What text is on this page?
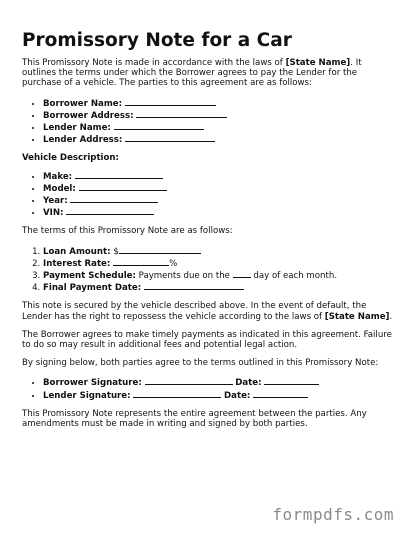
Promissory Note for a Car

This Promissory Note is made in accordance with the laws of [State Name]. It outlines the terms under which the Borrower agrees to pay the Lender for the purchase of a vehicle. The parties to this agreement are as follows:

• Borrower Name:
• Borrower Address:
• Lender Name:
• Lender Address:
Vehicle Description:
• Make:
• Model:
• Year:
• VIN:

The terms of this Promissory Note are as follows:

1. Loan Amount: $
2. Interest Rate:	%
3. Payment Schedule: Payments due on the	day of each month.
4. Final Payment Date:

This note is secured by the vehicle described above. In the event of default, the Lender has the right to repossess the vehicle according to the laws of [State Name].

The Borrower agrees to make timely payments as indicated in this agreement. Failure to do so may result in additional fees and potential legal action.

By signing below, both parties agree to the terms outlined in this Promissory Note:

• Borrower Signature:	Date:
• Lender Signature:	Date:

This Promissory Note represents the entire agreement between the parties. Any amendments must be made in writing and signed by both parties.

formpdfs.com
